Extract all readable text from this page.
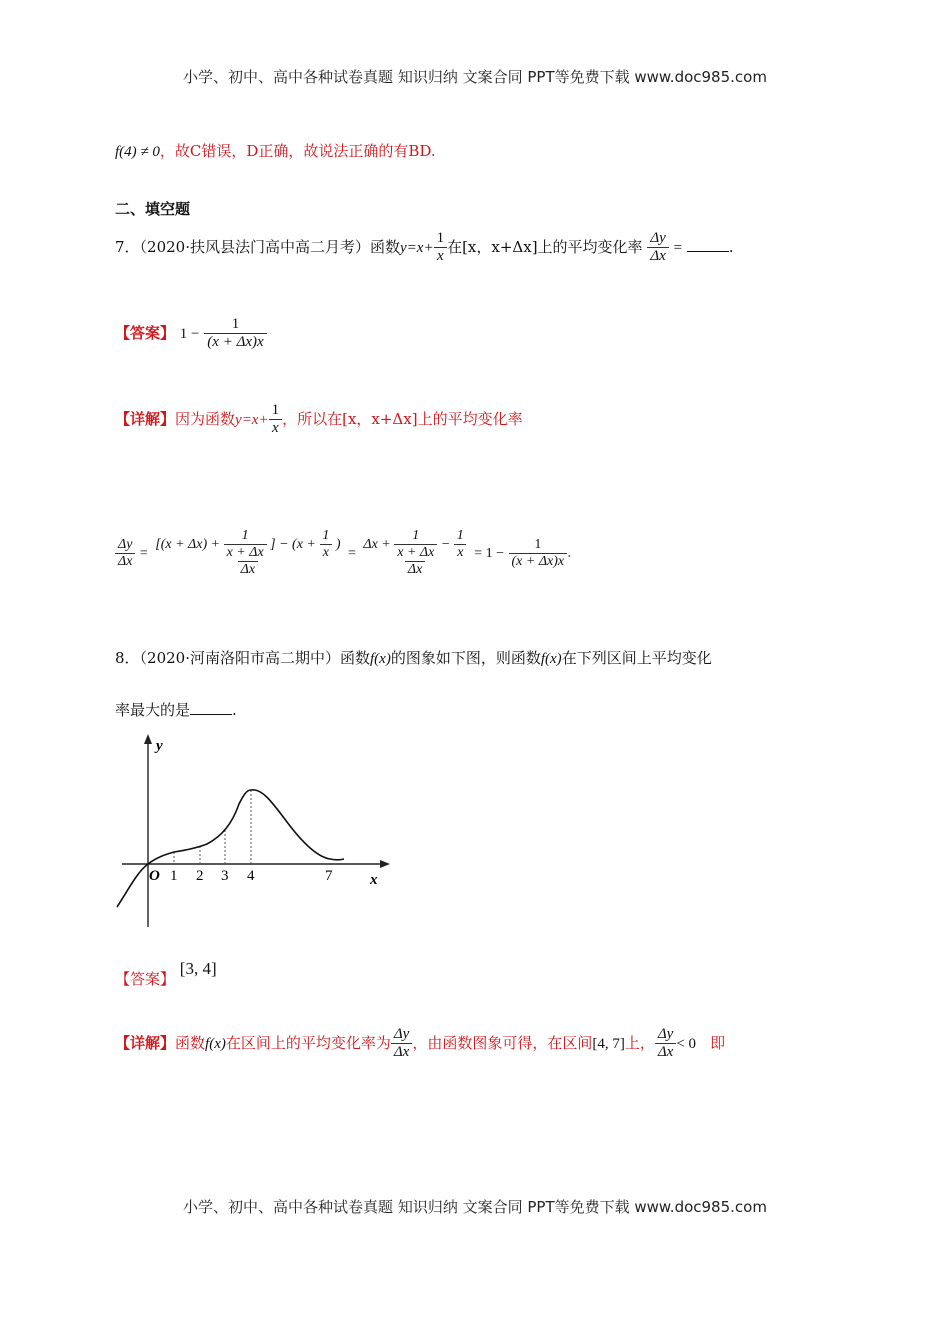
小学、初中、高中各种试卷真题 知识归纳 文案合同 PPT等免费下载 www.doc985.com
f(4) ≠ 0，故C错误，D正确，故说法正确的有BD.
二、填空题
7．（2020·扶风县法门高中高二月考）函数$y=x+ \frac{1}{x}$ 在[x，x+Δx]上的平均变化率 $\frac{\Delta y}{\Delta x}$ =	.
【答案】 $1 - \frac{1}{(x + \Delta x)x}$
【详解】因为函数$y=x+ \frac{1}{x}$ ，所以在[x，x+Δx]上的平均变化率
$\frac{\Delta y}{\Delta x} = \frac{[(x + \Delta x) + \frac{1}{x + \Delta x} ] - (x + \frac{1}{x} )}{\Delta x} = \frac{\Delta x + \frac{1}{x + \Delta x} - \frac{1}{x}}{\Delta x} = 1 - \frac{1}{(x + \Delta x)x}$ .
8．（2020·河南洛阳市高二期中）函数f(x)的图象如下图，则函数f(x)在下列区间上平均变化
率最大的是	.
y
x
O 1 2 3 4	7
【答案】 [3, 4]
【详解】函数f(x)在区间上的平均变化率为 $\frac{\Delta y}{\Delta x}$ ，由函数图象可得，在区间[4, 7]上， $\frac{\Delta y}{\Delta x} < 0$ 即
小学、初中、高中各种试卷真题 知识归纳 文案合同 PPT等免费下载 www.doc985.com
